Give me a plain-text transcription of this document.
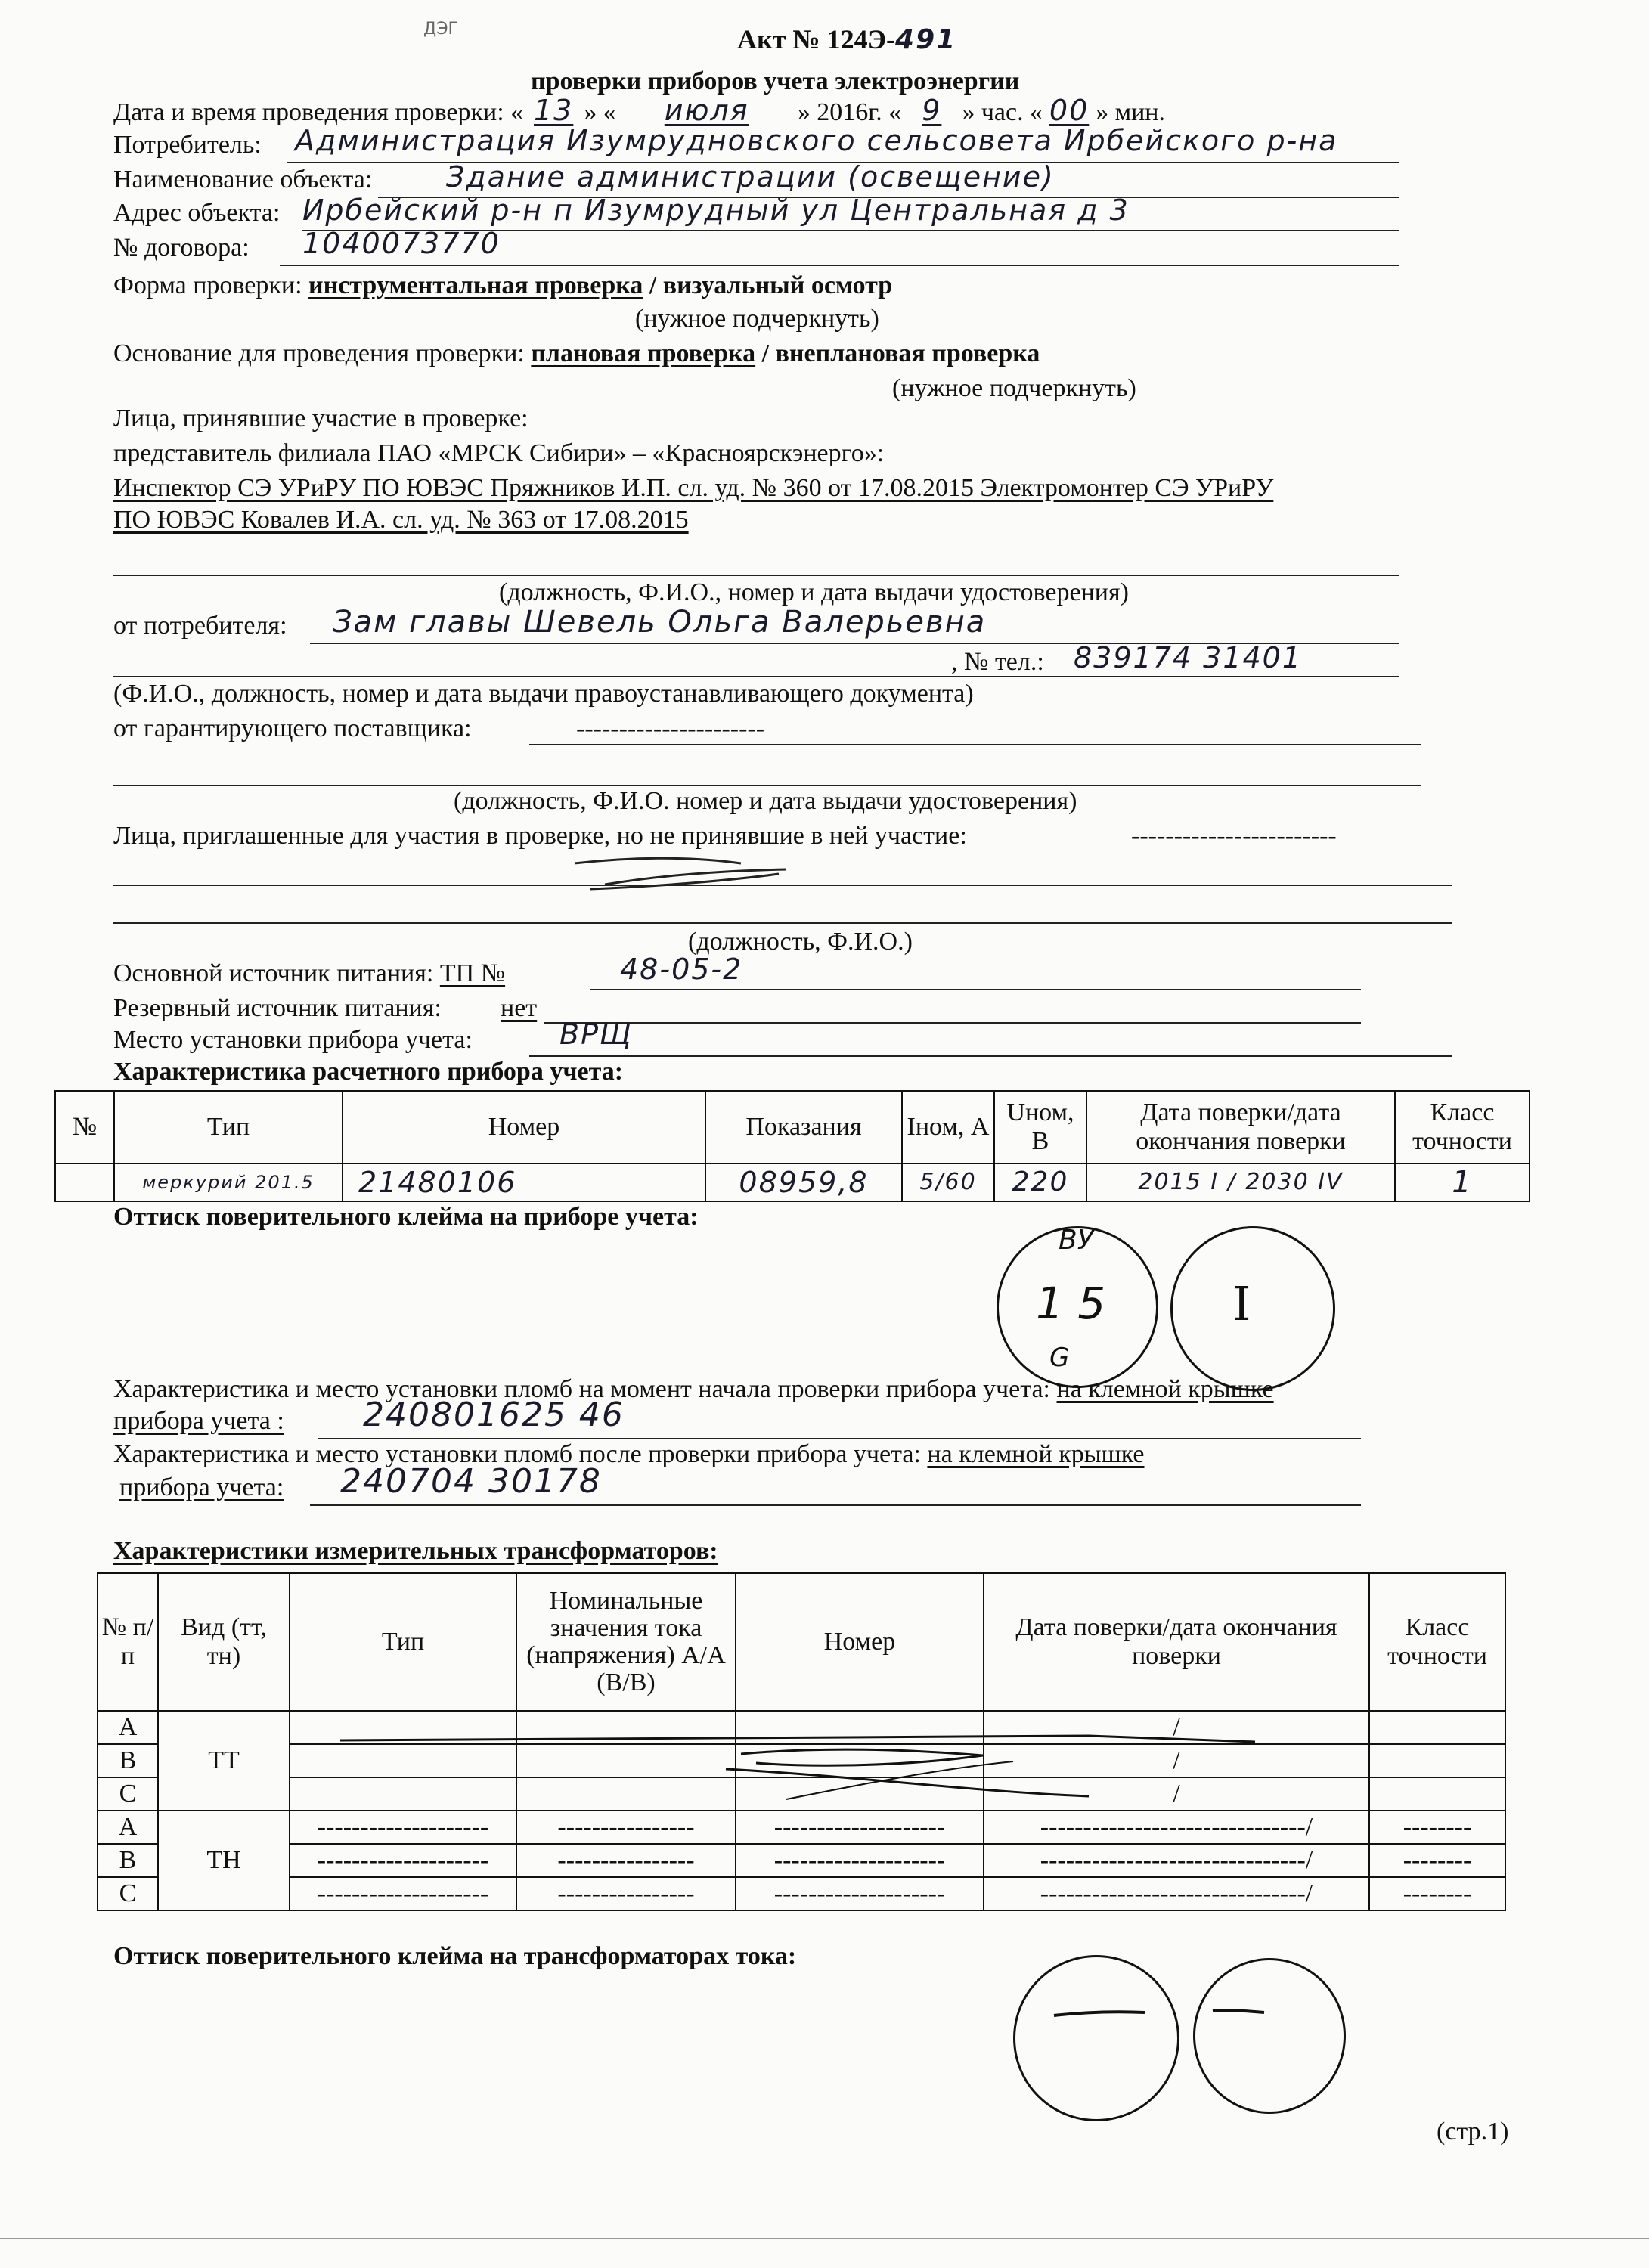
ДЭГ	Акт № 124Э-491
проверки приборов учета электроэнергии
Дата и время проведения проверки: « 13 » « июля » 2016г. « 9 » час. « 00 » мин.
Потребитель: Администрация Изумрудновского сельсовета Ирбейского р-на
Наименование объекта:	Здание администрации (освещение)
Адрес объекта: Ирбейский р-н п Изумрудный ул Центральная д 3
№ договора: 1040073770
Форма проверки: инструментальная проверка / визуальный осмотр
(нужное подчеркнуть)
Основание для проведения проверки: плановая проверка / внеплановая проверка
(нужное подчеркнуть)
Лица, принявшие участие в проверке:
представитель филиала ПАО «МРСК Сибири» – «Красноярскэнерго»:
Инспектор СЭ УРиРУ ПО ЮВЭС Пряжников И.П. сл. уд. № 360 от 17.08.2015 Электромонтер СЭ УРиРУ
ПО ЮВЭС Ковалев И.А. сл. уд. № 363 от 17.08.2015
(должность, Ф.И.О., номер и дата выдачи удостоверения)
от потребителя: Зам главы Шевель Ольга Валерьевна
, № тел.: 839174 31401
(Ф.И.О., должность, номер и дата выдачи правоустанавливающего документа)
от гарантирующего поставщика:	----------------------
(должность, Ф.И.О. номер и дата выдачи удостоверения)
Лица, приглашенные для участия в проверке, но не принявшие в ней участие:	------------------------
(должность, Ф.И.О.)
Основной источник питания: ТП №	48-05-2
Резервный источник питания: нет
Место установки прибора учета:	ВРЩ
Характеристика расчетного прибора учета:
№	Тип	Номер	Показания	Iном, А	Uном, В	Дата поверки/дата окончания поверки	Класс точности
	меркурий 201.5	21480106	08959,8	5/60	220	2015 I / 2030 IV	1
Оттиск поверительного клейма на приборе учета:
ВУ
1 5
G
I
Характеристика и место установки пломб на момент начала проверки прибора учета: на клемной крышке
прибора учета : 240801625 46
Характеристика и место установки пломб после проверки прибора учета: на клемной крышке
прибора учета: 240704 30178
Характеристики измерительных трансформаторов:
№ п/п	Вид (тт, тн)	Тип	Номинальные значения тока (напряжения) А/А (В/В)	Номер	Дата поверки/дата окончания поверки	Класс точности
A	ТТ				/	
B					/	
C					/	
A	ТН	--------------------	----------------	--------------------	-------------------------------/	--------
B		--------------------	----------------	--------------------	-------------------------------/	--------
C		--------------------	----------------	--------------------	-------------------------------/	--------
Оттиск поверительного клейма на трансформаторах тока:
(стр.1)
